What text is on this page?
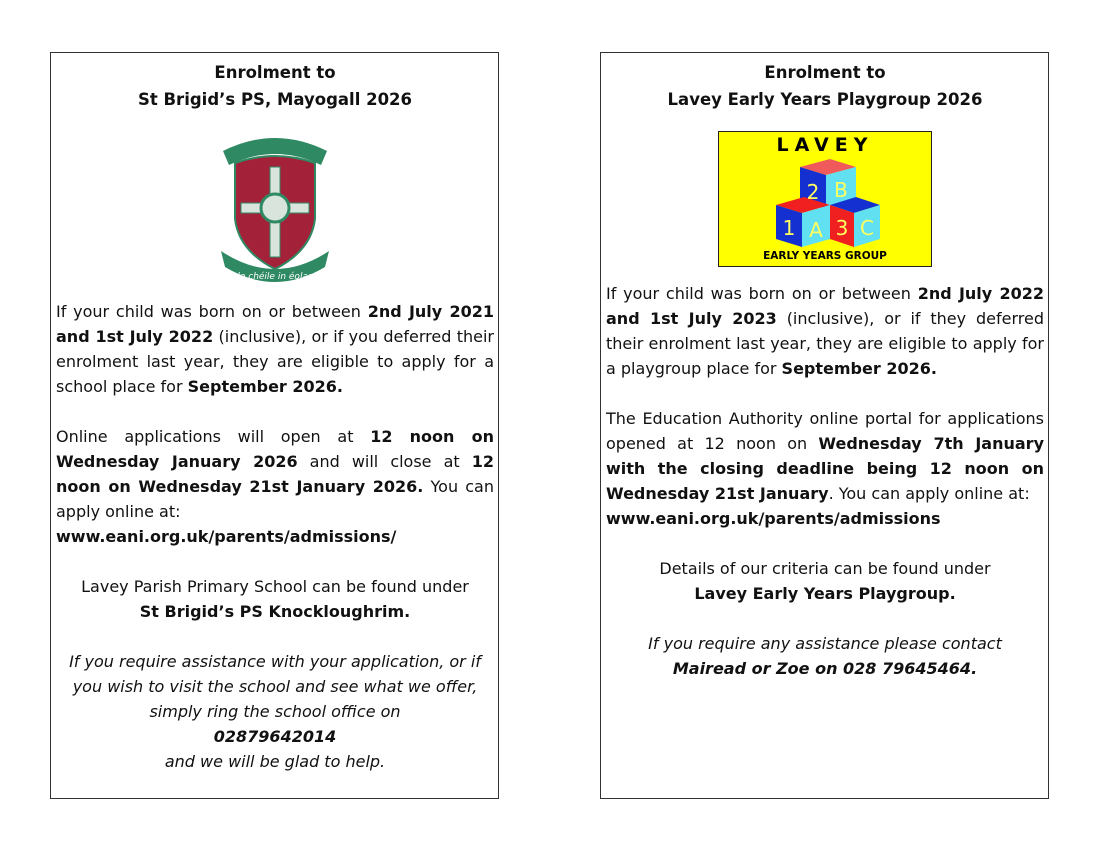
Enrolment to
St Brigid’s PS, Mayogall 2026
le chéile in éolas

If your child was born on or between 2nd July 2021 and 1st July 2022 (inclusive), or if you deferred their enrolment last year, they are eligible to apply for a school place for September 2026.

Online applications will open at 12 noon on Wednesday January 2026 and will close at 12 noon on Wednesday 21st January 2026. You can apply online at:
www.eani.org.uk/parents/admissions/

Lavey Parish Primary School can be found under
St Brigid’s PS Knockloughrim.

If you require assistance with your application, or if you wish to visit the school and see what we offer, simply ring the school office on
02879642014
and we will be glad to help.

Enrolment to
Lavey Early Years Playgroup 2026
LAVEY
2 B
1 A 3 C
EARLY YEARS GROUP

If your child was born on or between 2nd July 2022 and 1st July 2023 (inclusive), or if they deferred their enrolment last year, they are eligible to apply for a playgroup place for September 2026.

The Education Authority online portal for applications opened at 12 noon on Wednesday 7th January with the closing deadline being 12 noon on Wednesday 21st January. You can apply online at:
www.eani.org.uk/parents/admissions

Details of our criteria can be found under
Lavey Early Years Playgroup.

If you require any assistance please contact
Mairead or Zoe on 028 79645464.
